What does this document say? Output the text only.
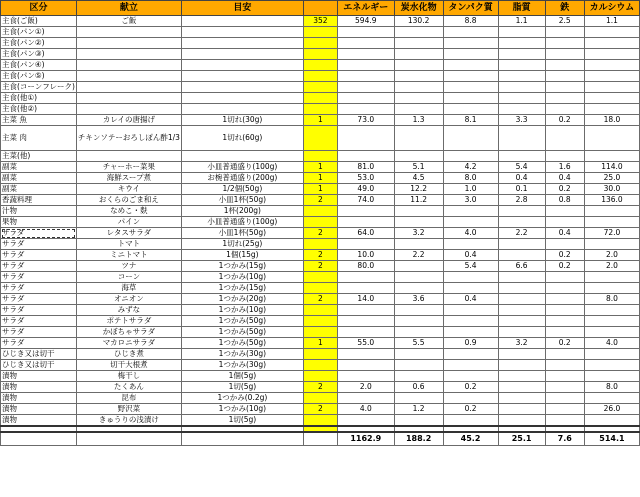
区分	献立	目安		エネルギー	炭水化物	タンパク質	脂質	鉄	カルシウム
主食(ご飯)	ご飯		352	594.9	130.2	8.8	1.1	2.5	1.1
主食(パン①)									
主食(パン②)									
主食(パン③)									
主食(パン④)									
主食(パン⑤)									
主食(コーンフレーク)									
主食(他①)									
主食(他②)									
主菜 魚	カレイの唐揚げ	1切れ(30g)	1	73.0	1.3	8.1	3.3	0.2	18.0
主菜 肉	チキンソテーおろしぽん酢1/3	1切れ(60g)							
主菜(他)									
副菜	チャーホー菜果	小皿普通盛り(100g)	1	81.0	5.1	4.2	5.4	1.6	114.0
副菜	海鮮スープ煮	お椀普通盛り(200g)	1	53.0	4.5	8.0	0.4	0.4	25.0
副菜	キウイ	1/2個(50g)	1	49.0	12.2	1.0	0.1	0.2	30.0
香蔬料理	おくらのごま和え	小皿1杯(50g)	2	74.0	11.2	3.0	2.8	0.8	136.0
汁物	なめこ・麩	1杯(200g)							
果物	パイン	小皿普通盛り(100g)							
サラダ	レタスサラダ	小皿1杯(50g)	2	64.0	3.2	4.0	2.2	0.4	72.0
サラダ	トマト	1切れ(25g)							
サラダ	ミニトマト	1個(15g)	2	10.0	2.2	0.4		0.2	2.0
サラダ	ツナ	1つかみ(15g)	2	80.0		5.4	6.6	0.2	2.0
サラダ	コーン	1つかみ(10g)							
サラダ	海草	1つかみ(15g)							
サラダ	オニオン	1つかみ(20g)	2	14.0	3.6	0.4			8.0
サラダ	みずな	1つかみ(10g)							
サラダ	ポテトサラダ	1つかみ(50g)							
サラダ	かぼちゃサラダ	1つかみ(50g)							
サラダ	マカロニサラダ	1つかみ(50g)	1	55.0	5.5	0.9	3.2	0.2	4.0
ひじき又は切干	ひじき煮	1つかみ(30g)							
ひじき又は切干	切干大根煮	1つかみ(30g)							
漬物	梅干し	1個(5g)							
漬物	たくあん	1切(5g)	2	2.0	0.6	0.2			8.0
漬物	昆布	1つかみ(0.2g)							
漬物	野沢菜	1つかみ(10g)	2	4.0	1.2	0.2			26.0
漬物	きゅうりの浅漬け	1切(5g)							

				1162.9	188.2	45.2	25.1	7.6	514.1
